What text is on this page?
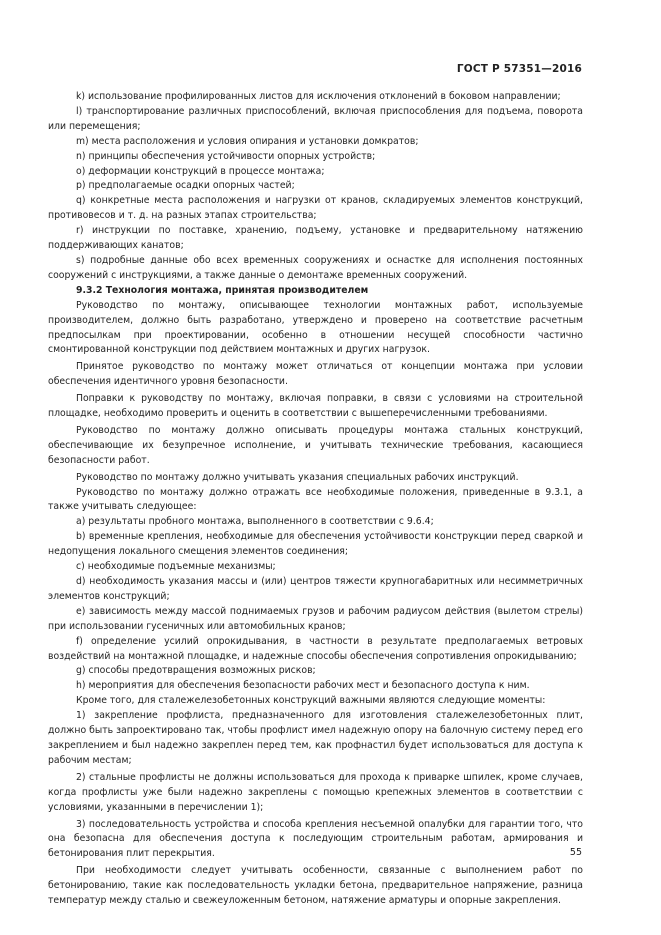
ГОСТ Р 57351—2016

k) использование профилированных листов для исключения отклонений в боковом направлении;

l) транспортирование различных приспособлений, включая приспособления для подъема, поворота или перемещения;

m) места расположения и условия опирания и установки домкратов;

n) принципы обеспечения устойчивости опорных устройств;

o) деформации конструкций в процессе монтажа;

p) предполагаемые осадки опорных частей;

q) конкретные места расположения и нагрузки от кранов, складируемых элементов конструкций, противовесов и т. д. на разных этапах строительства;

r) инструкции по поставке, хранению, подъему, установке и предварительному натяжению поддерживающих канатов;

s) подробные данные обо всех временных сооружениях и оснастке для исполнения постоянных сооружений с инструкциями, а также данные о демонтаже временных сооружений.

9.3.2 Технология монтажа, принятая производителем

Руководство по монтажу, описывающее технологии монтажных работ, используемые производителем, должно быть разработано, утверждено и проверено на соответствие расчетным предпосылкам при проектировании, особенно в отношении несущей способности частично смонтированной конструкции под действием монтажных и других нагрузок.

Принятое руководство по монтажу может отличаться от концепции монтажа при условии обеспечения идентичного уровня безопасности.

Поправки к руководству по монтажу, включая поправки, в связи с условиями на строительной площадке, необходимо проверить и оценить в соответствии с вышеперечисленными требованиями.

Руководство по монтажу должно описывать процедуры монтажа стальных конструкций, обеспечивающие их безупречное исполнение, и учитывать технические требования, касающиеся безопасности работ.

Руководство по монтажу должно учитывать указания специальных рабочих инструкций.

Руководство по монтажу должно отражать все необходимые положения, приведенные в 9.3.1, а также учитывать следующее:

a) результаты пробного монтажа, выполненного в соответствии с 9.6.4;

b) временные крепления, необходимые для обеспечения устойчивости конструкции перед сваркой и недопущения локального смещения элементов соединения;

c) необходимые подъемные механизмы;

d) необходимость указания массы и (или) центров тяжести крупногабаритных или несимметричных элементов конструкций;

e) зависимость между массой поднимаемых грузов и рабочим радиусом действия (вылетом стрелы) при использовании гусеничных или автомобильных кранов;

f) определение усилий опрокидывания, в частности в результате предполагаемых ветровых воздействий на монтажной площадке, и надежные способы обеспечения сопротивления опрокидыванию;

g) способы предотвращения возможных рисков;

h) мероприятия для обеспечения безопасности рабочих мест и безопасного доступа к ним.

Кроме того, для сталежелезобетонных конструкций важными являются следующие моменты:

1) закрепление профлиста, предназначенного для изготовления сталежелезобетонных плит, должно быть запроектировано так, чтобы профлист имел надежную опору на балочную систему перед его закреплением и был надежно закреплен перед тем, как профнастил будет использоваться для доступа к рабочим местам;

2) стальные профлисты не должны использоваться для прохода к приварке шпилек, кроме случаев, когда профлисты уже были надежно закреплены с помощью крепежных элементов в соответствии с условиями, указанными в перечислении 1);

3) последовательность устройства и способа крепления несъемной опалубки для гарантии того, что она безопасна для обеспечения доступа к последующим строительным работам, армирования и бетонирования плит перекрытия.

При необходимости следует учитывать особенности, связанные с выполнением работ по бетонированию, такие как последовательность укладки бетона, предварительное напряжение, разница температур между сталью и свежеуложенным бетоном, натяжение арматуры и опорные закрепления.

55
